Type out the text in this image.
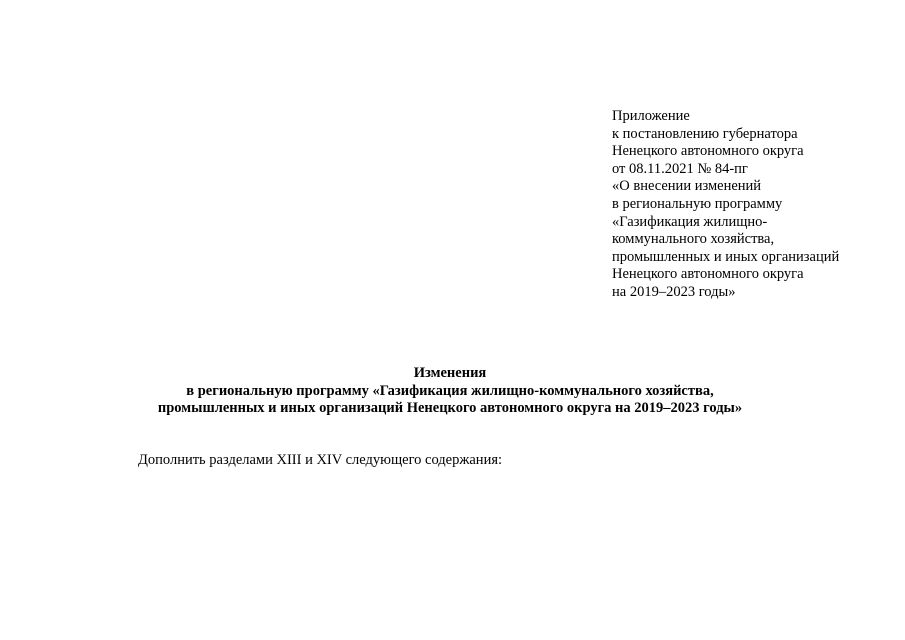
Приложение
к постановлению губернатора
Ненецкого автономного округа
от 08.11.2021 № 84-пг
«О внесении изменений
в региональную программу
«Газификация жилищно-
коммунального хозяйства,
промышленных и иных организаций
Ненецкого автономного округа
на 2019–2023 годы»
Изменения
в региональную программу «Газификация жилищно-коммунального хозяйства,
промышленных и иных организаций Ненецкого автономного округа на 2019–2023 годы»
Дополнить разделами XIII и XIV следующего содержания:
